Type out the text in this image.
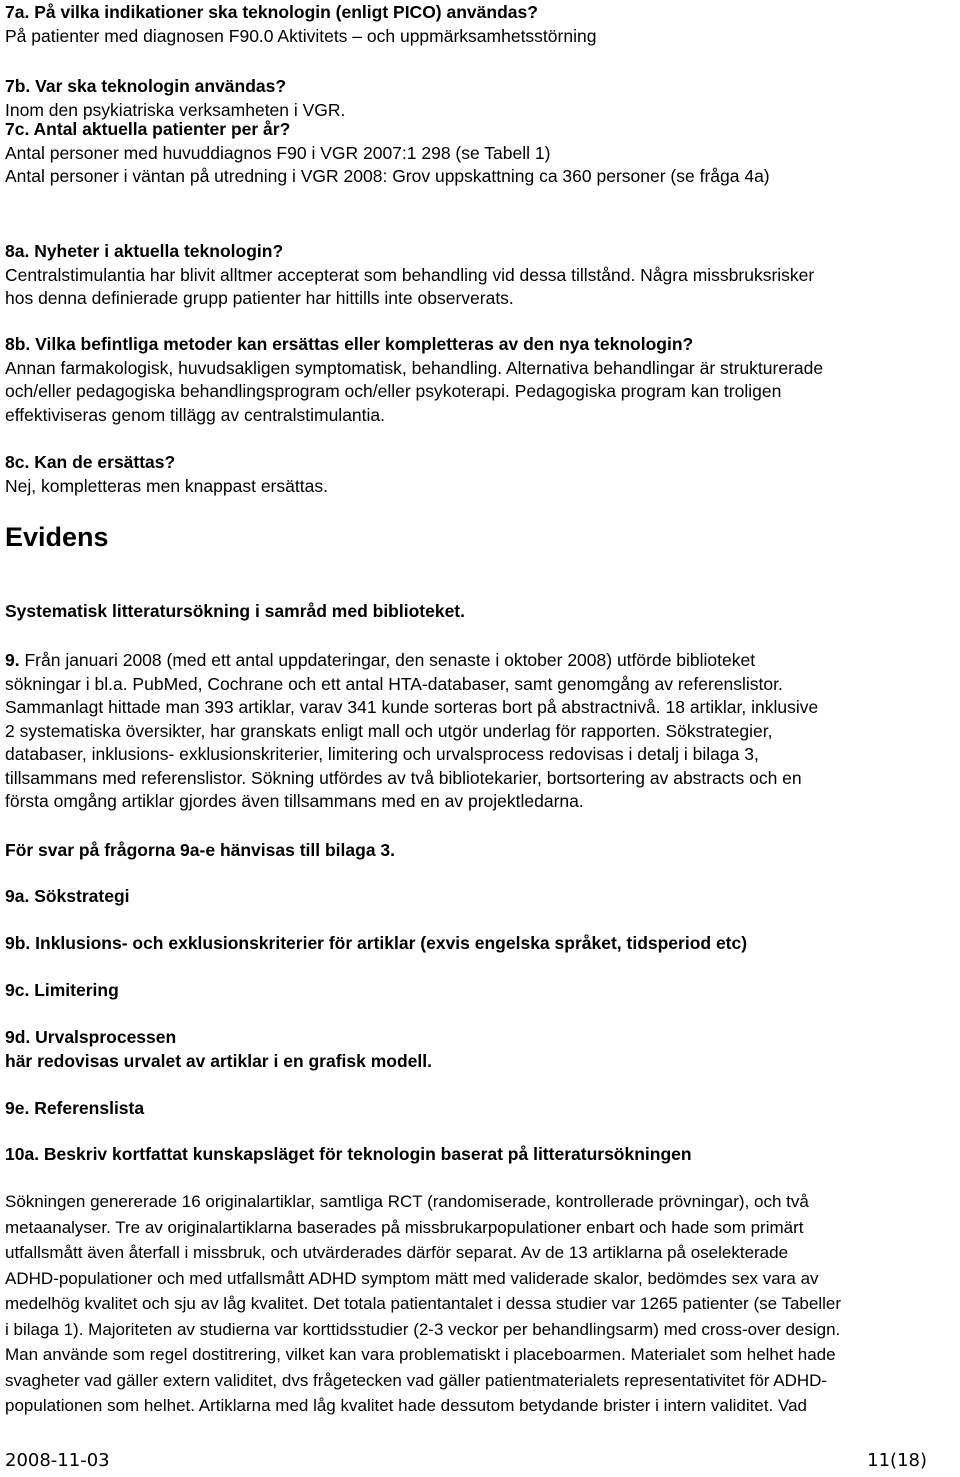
7a. På vilka indikationer ska teknologin (enligt PICO) användas?

På patienter med diagnosen F90.0 Aktivitets – och uppmärksamhetsstörning

7b. Var ska teknologin användas?

Inom den psykiatriska verksamheten i VGR.

7c. Antal aktuella patienter per år?

Antal personer med huvuddiagnos F90 i VGR 2007:1 298 (se Tabell 1)

Antal personer i väntan på utredning i VGR 2008: Grov uppskattning ca 360 personer (se fråga 4a)

8a. Nyheter i aktuella teknologin?

Centralstimulantia har blivit alltmer accepterat som behandling vid dessa tillstånd. Några missbruksrisker

hos denna definierade grupp patienter har hittills inte observerats.

8b. Vilka befintliga metoder kan ersättas eller kompletteras av den nya teknologin?

Annan farmakologisk, huvudsakligen symptomatisk, behandling. Alternativa behandlingar är strukturerade

och/eller pedagogiska behandlingsprogram och/eller psykoterapi. Pedagogiska program kan troligen

effektiviseras genom tillägg av centralstimulantia.

8c. Kan de ersättas?

Nej, kompletteras men knappast ersättas.

Evidens

Systematisk litteratursökning i samråd med biblioteket.

9. Från januari 2008 (med ett antal uppdateringar, den senaste i oktober 2008) utförde biblioteket

sökningar i bl.a. PubMed, Cochrane och ett antal HTA-databaser, samt genomgång av referenslistor.

Sammanlagt hittade man 393 artiklar, varav 341 kunde sorteras bort på abstractnivå. 18 artiklar, inklusive

2 systematiska översikter, har granskats enligt mall och utgör underlag för rapporten. Sökstrategier,

databaser, inklusions- exklusionskriterier, limitering och urvalsprocess redovisas i detalj i bilaga 3,

tillsammans med referenslistor. Sökning utfördes av två bibliotekarier, bortsortering av abstracts och en

första omgång artiklar gjordes även tillsammans med en av projektledarna.

För svar på frågorna 9a-e hänvisas till bilaga 3.

9a. Sökstrategi

9b. Inklusions- och exklusionskriterier för artiklar (exvis engelska språket, tidsperiod etc)

9c. Limitering

9d. Urvalsprocessen

här redovisas urvalet av artiklar i en grafisk modell.

9e. Referenslista

10a. Beskriv kortfattat kunskapsläget för teknologin baserat på litteratursökningen

Sökningen genererade 16 originalartiklar, samtliga RCT (randomiserade, kontrollerade prövningar), och två

metaanalyser. Tre av originalartiklarna baserades på missbrukarpopulationer enbart och hade som primärt

utfallsmått även återfall i missbruk, och utvärderades därför separat. Av de 13 artiklarna på oselekterade

ADHD-populationer och med utfallsmått ADHD symptom mätt med validerade skalor, bedömdes sex vara av

medelhög kvalitet och sju av låg kvalitet. Det totala patientantalet i dessa studier var 1265 patienter (se Tabeller

i bilaga 1). Majoriteten av studierna var korttidsstudier (2-3 veckor per behandlingsarm) med cross-over design.

Man använde som regel dostitrering, vilket kan vara problematiskt i placeboarmen. Materialet som helhet hade

svagheter vad gäller extern validitet, dvs frågetecken vad gäller patientmaterialets representativitet för ADHD-

populationen som helhet. Artiklarna med låg kvalitet hade dessutom betydande brister i intern validitet. Vad

2008-11-03	11(18)
